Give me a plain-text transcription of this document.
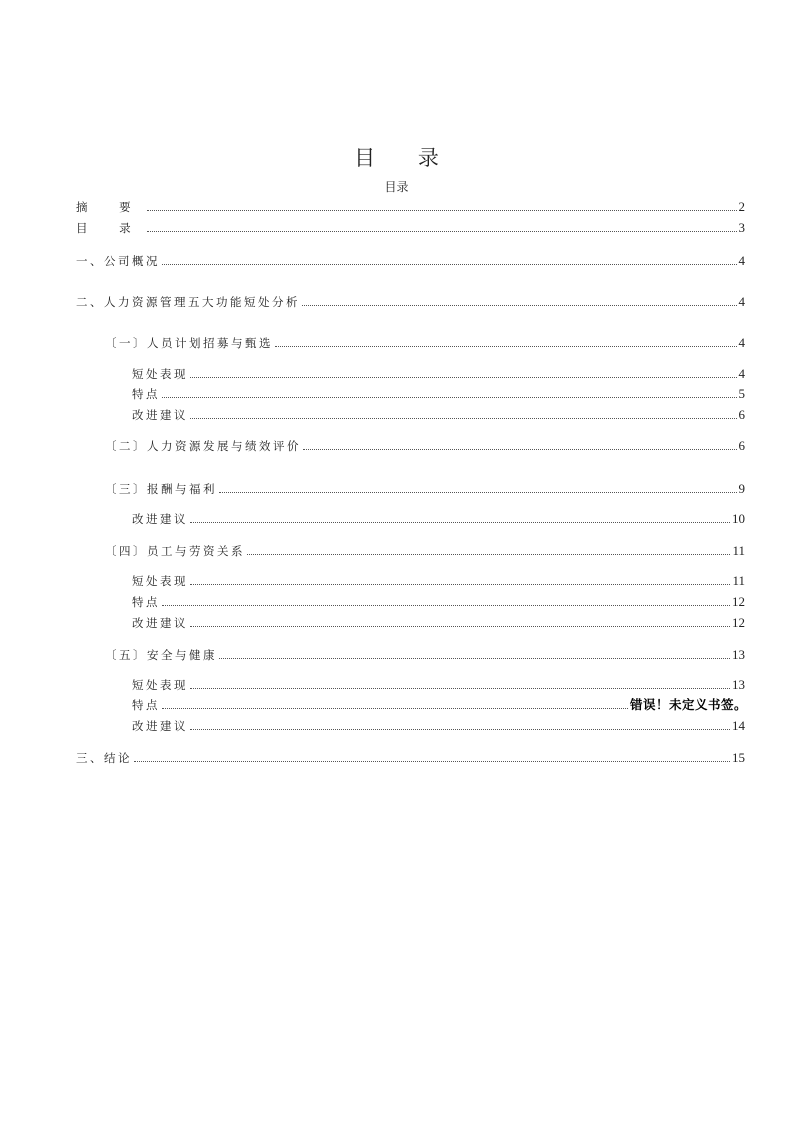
目 录
目录
摘 要	2
目 录	3
一、公司概况	4
二、人力资源管理五大功能短处分析	4
〔一〕人员计划招募与甄选	4
短处表现	4
特点	5
改进建议	6
〔二〕人力资源发展与绩效评价	6
〔三〕报酬与福利	9
改进建议	10
〔四〕员工与劳资关系	11
短处表现	11
特点	12
改进建议	12
〔五〕安全与健康	13
短处表现	13
特点	错误！未定义书签。
改进建议	14
三、结论	15
